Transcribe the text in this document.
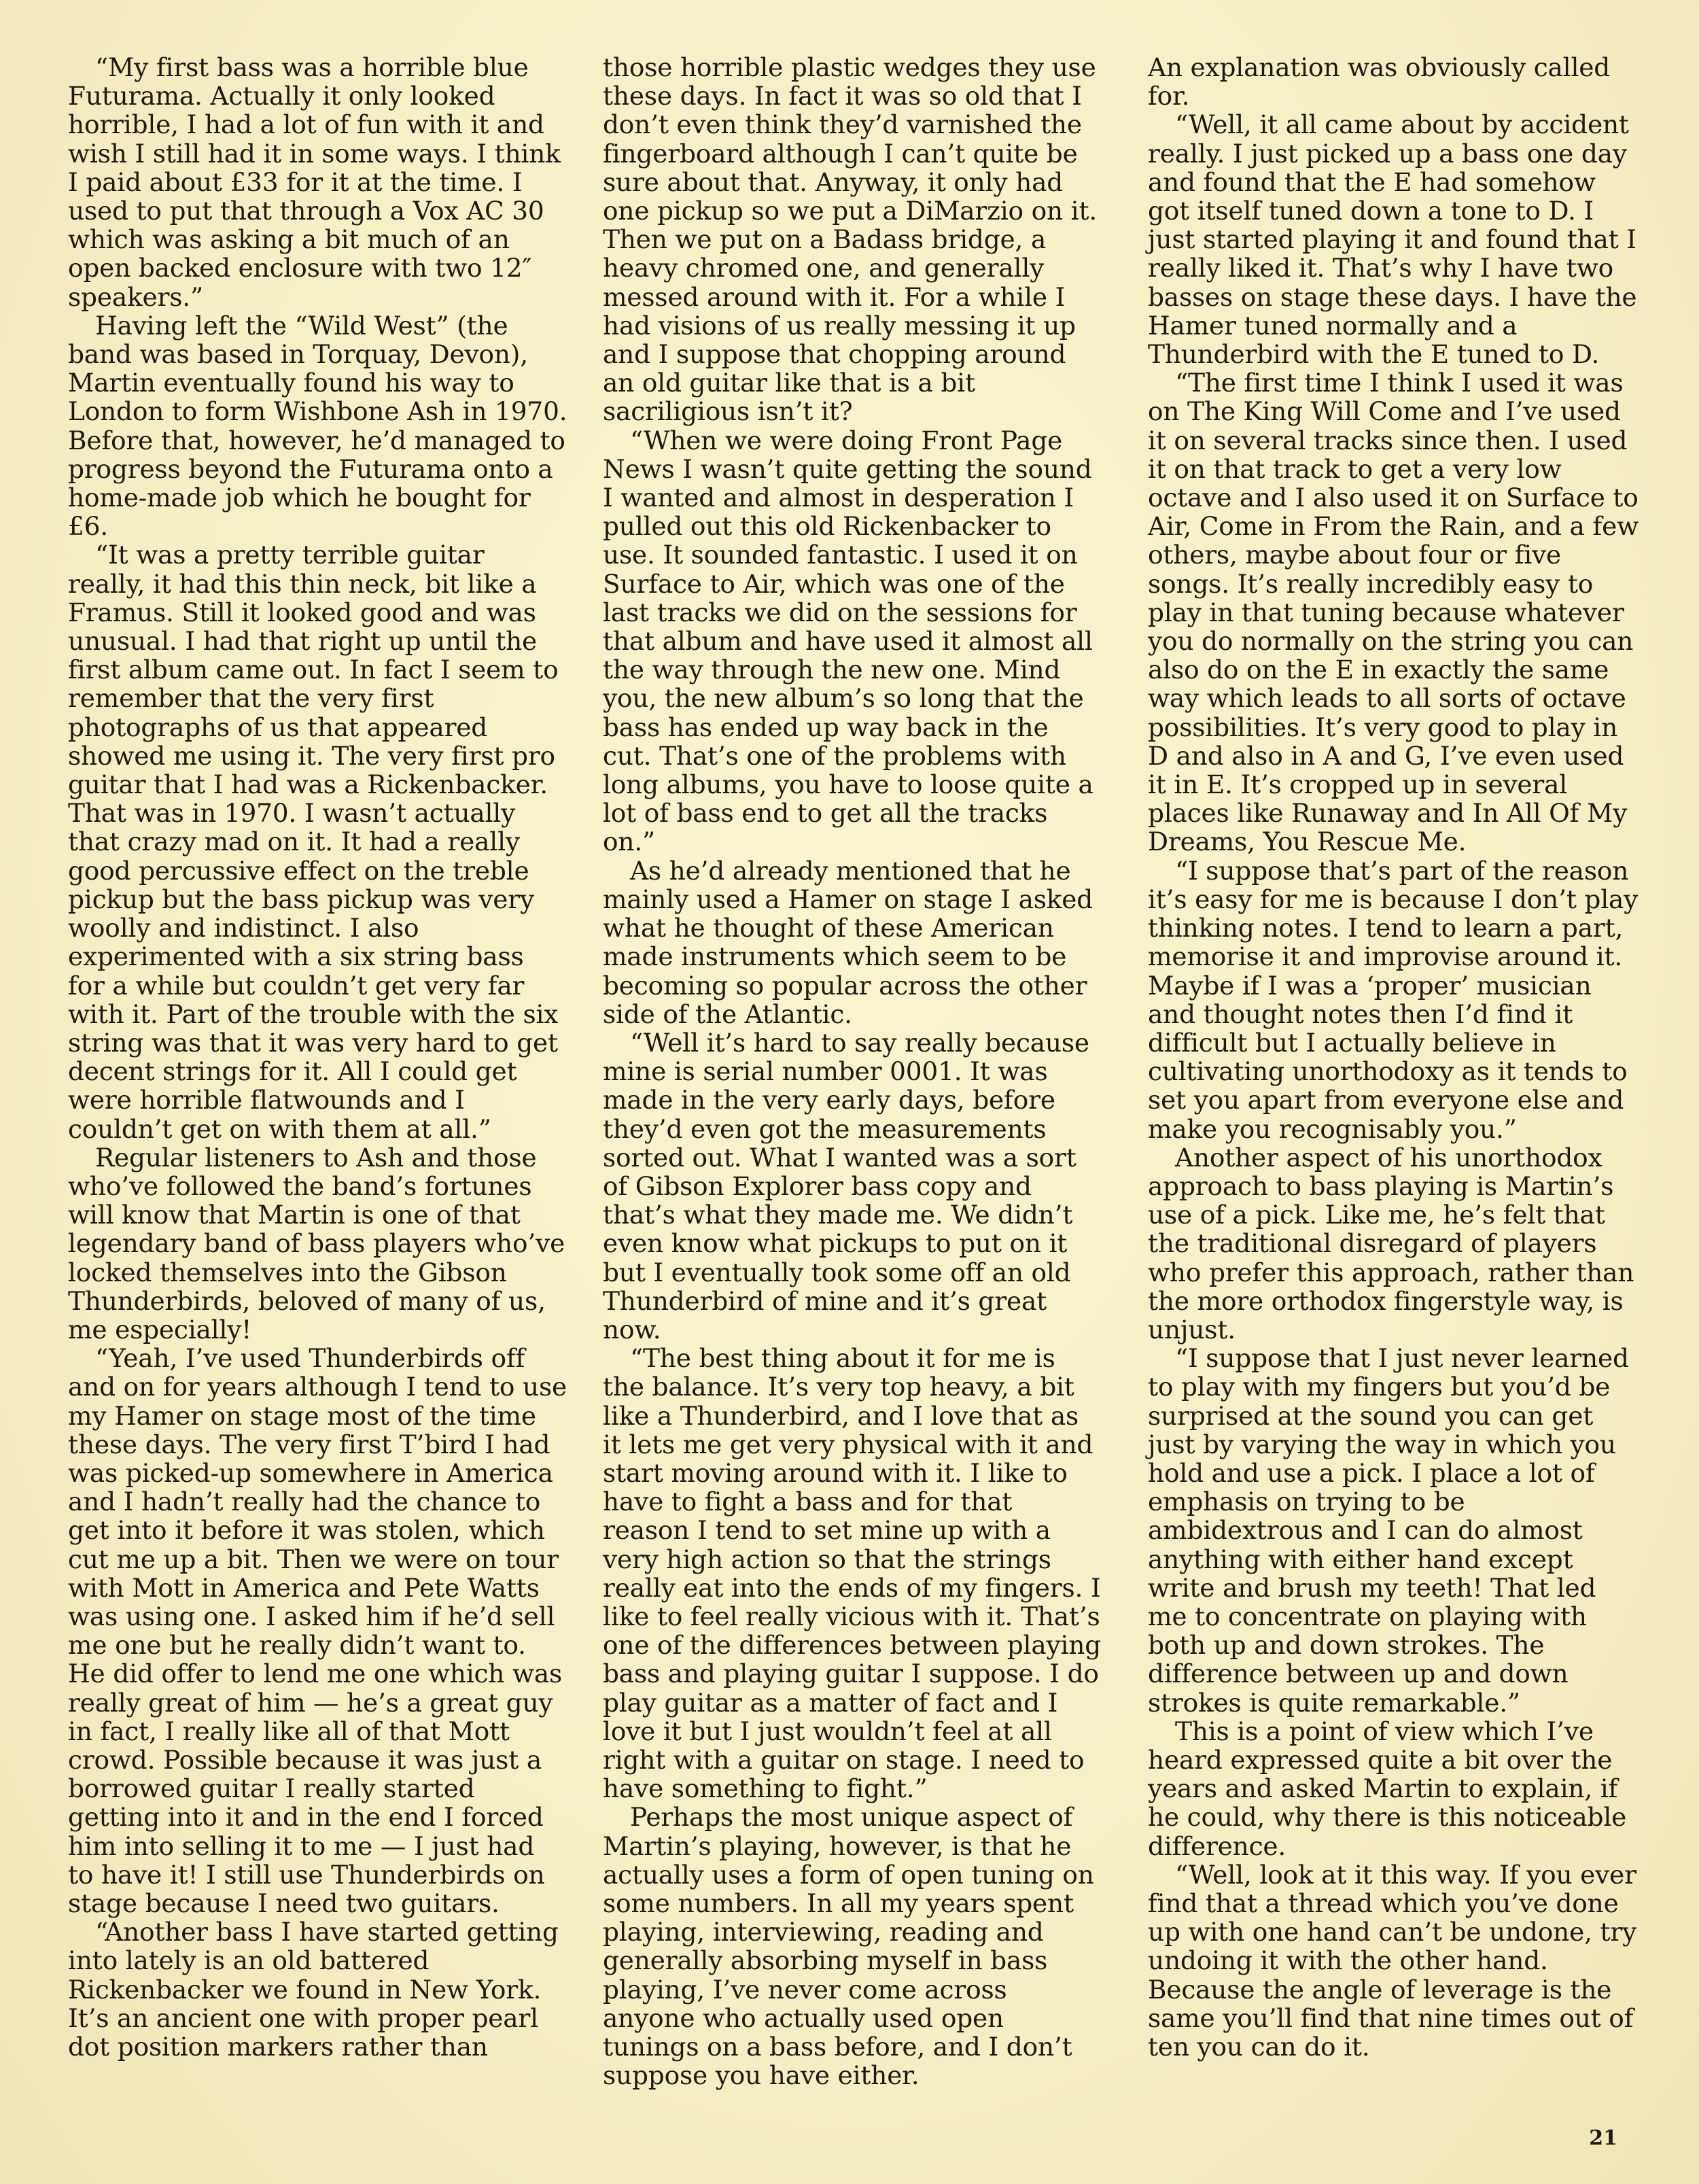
“My first bass was a horrible blue Futurama. Actually it only looked horrible, I had a lot of fun with it and wish I still had it in some ways. I think I paid about £33 for it at the time. I used to put that through a Vox AC 30 which was asking a bit much of an open backed enclosure with two 12″ speakers.”

Having left the “Wild West” (the band was based in Torquay, Devon), Martin eventually found his way to London to form Wishbone Ash in 1970. Before that, however, he’d managed to progress beyond the Futurama onto a home-made job which he bought for £6.

“It was a pretty terrible guitar really, it had this thin neck, bit like a Framus. Still it looked good and was unusual. I had that right up until the first album came out. In fact I seem to remember that the very first photographs of us that appeared showed me using it. The very first pro guitar that I had was a Rickenbacker. That was in 1970. I wasn’t actually that crazy mad on it. It had a really good percussive effect on the treble pickup but the bass pickup was very woolly and indistinct. I also experimented with a six string bass for a while but couldn’t get very far with it. Part of the trouble with the six string was that it was very hard to get decent strings for it. All I could get were horrible flatwounds and I couldn’t get on with them at all.”

Regular listeners to Ash and those who’ve followed the band’s fortunes will know that Martin is one of that legendary band of bass players who’ve locked themselves into the Gibson Thunderbirds, beloved of many of us, me especially!

“Yeah, I’ve used Thunderbirds off and on for years although I tend to use my Hamer on stage most of the time these days. The very first T’bird I had was picked-up somewhere in America and I hadn’t really had the chance to get into it before it was stolen, which cut me up a bit. Then we were on tour with Mott in America and Pete Watts was using one. I asked him if he’d sell me one but he really didn’t want to. He did offer to lend me one which was really great of him — he’s a great guy in fact, I really like all of that Mott crowd. Possible because it was just a borrowed guitar I really started getting into it and in the end I forced him into selling it to me — I just had to have it! I still use Thunderbirds on stage because I need two guitars.

“Another bass I have started getting into lately is an old battered Rickenbacker we found in New York. It’s an ancient one with proper pearl dot position markers rather than

those horrible plastic wedges they use these days. In fact it was so old that I don’t even think they’d varnished the fingerboard although I can’t quite be sure about that. Anyway, it only had one pickup so we put a DiMarzio on it. Then we put on a Badass bridge, a heavy chromed one, and generally messed around with it. For a while I had visions of us really messing it up and I suppose that chopping around an old guitar like that is a bit sacriligious isn’t it?

“When we were doing Front Page News I wasn’t quite getting the sound I wanted and almost in desperation I pulled out this old Rickenbacker to use. It sounded fantastic. I used it on Surface to Air, which was one of the last tracks we did on the sessions for that album and have used it almost all the way through the new one. Mind you, the new album’s so long that the bass has ended up way back in the cut. That’s one of the problems with long albums, you have to loose quite a lot of bass end to get all the tracks on.”

As he’d already mentioned that he mainly used a Hamer on stage I asked what he thought of these American made instruments which seem to be becoming so popular across the other side of the Atlantic.

“Well it’s hard to say really because mine is serial number 0001. It was made in the very early days, before they’d even got the measurements sorted out. What I wanted was a sort of Gibson Explorer bass copy and that’s what they made me. We didn’t even know what pickups to put on it but I eventually took some off an old Thunderbird of mine and it’s great now.

“The best thing about it for me is the balance. It’s very top heavy, a bit like a Thunderbird, and I love that as it lets me get very physical with it and start moving around with it. I like to have to fight a bass and for that reason I tend to set mine up with a very high action so that the strings really eat into the ends of my fingers. I like to feel really vicious with it. That’s one of the differences between playing bass and playing guitar I suppose. I do play guitar as a matter of fact and I love it but I just wouldn’t feel at all right with a guitar on stage. I need to have something to fight.”

Perhaps the most unique aspect of Martin’s playing, however, is that he actually uses a form of open tuning on some numbers. In all my years spent playing, interviewing, reading and generally absorbing myself in bass playing, I’ve never come across anyone who actually used open tunings on a bass before, and I don’t suppose you have either.

An explanation was obviously called for.

“Well, it all came about by accident really. I just picked up a bass one day and found that the E had somehow got itself tuned down a tone to D. I just started playing it and found that I really liked it. That’s why I have two basses on stage these days. I have the Hamer tuned normally and a Thunderbird with the E tuned to D.

“The first time I think I used it was on The King Will Come and I’ve used it on several tracks since then. I used it on that track to get a very low octave and I also used it on Surface to Air, Come in From the Rain, and a few others, maybe about four or five songs. It’s really incredibly easy to play in that tuning because whatever you do normally on the string you can also do on the E in exactly the same way which leads to all sorts of octave possibilities. It’s very good to play in D and also in A and G, I’ve even used it in E. It’s cropped up in several places like Runaway and In All Of My Dreams, You Rescue Me.

“I suppose that’s part of the reason it’s easy for me is because I don’t play thinking notes. I tend to learn a part, memorise it and improvise around it. Maybe if I was a ‘proper’ musician and thought notes then I’d find it difficult but I actually believe in cultivating unorthodoxy as it tends to set you apart from everyone else and make you recognisably you.”

Another aspect of his unorthodox approach to bass playing is Martin’s use of a pick. Like me, he’s felt that the traditional disregard of players who prefer this approach, rather than the more orthodox fingerstyle way, is unjust.

“I suppose that I just never learned to play with my fingers but you’d be surprised at the sound you can get just by varying the way in which you hold and use a pick. I place a lot of emphasis on trying to be ambidextrous and I can do almost anything with either hand except write and brush my teeth! That led me to concentrate on playing with both up and down strokes. The difference between up and down strokes is quite remarkable.”

This is a point of view which I’ve heard expressed quite a bit over the years and asked Martin to explain, if he could, why there is this noticeable difference.

“Well, look at it this way. If you ever find that a thread which you’ve done up with one hand can’t be undone, try undoing it with the other hand. Because the angle of leverage is the same you’ll find that nine times out of ten you can do it.

21
